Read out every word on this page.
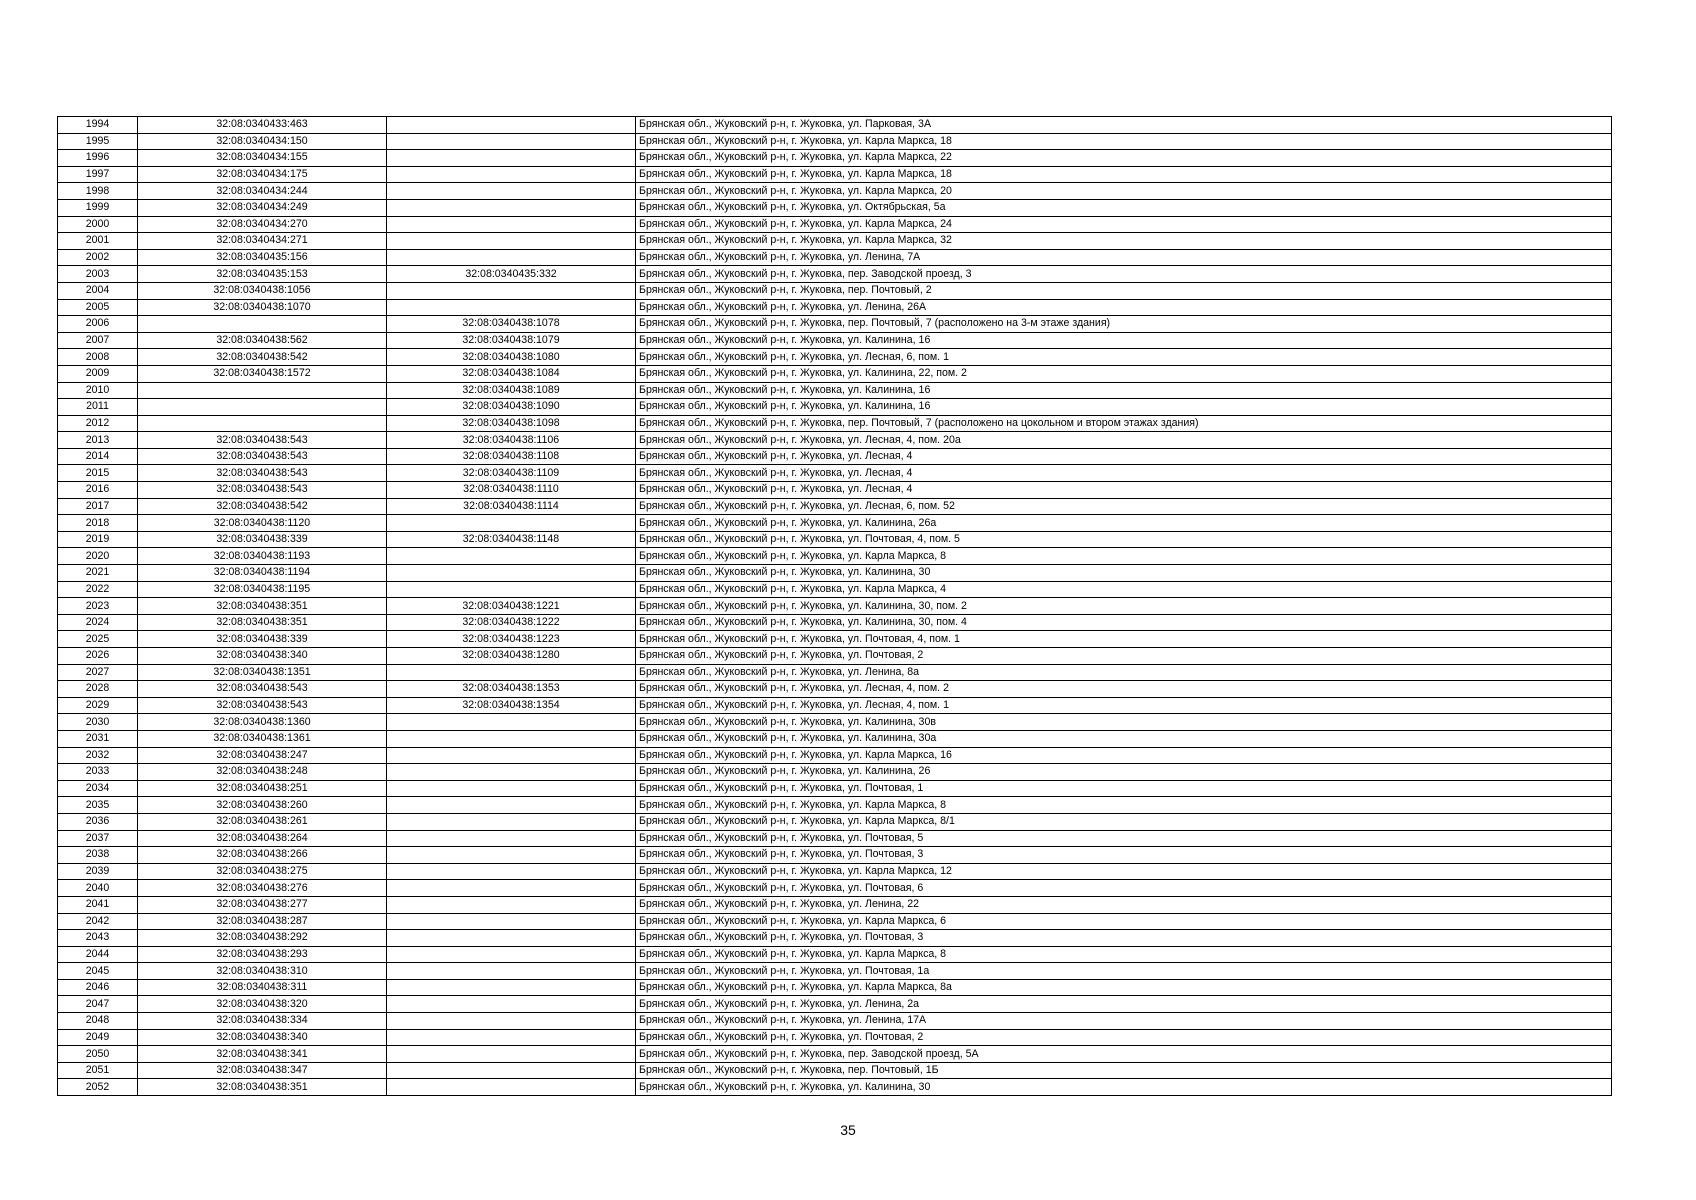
1994	32:08:0340433:463		Брянская обл., Жуковский р-н, г. Жуковка, ул. Парковая, 3А
1995	32:08:0340434:150		Брянская обл., Жуковский р-н, г. Жуковка, ул. Карла Маркса, 18
1996	32:08:0340434:155		Брянская обл., Жуковский р-н, г. Жуковка, ул. Карла Маркса, 22
1997	32:08:0340434:175		Брянская обл., Жуковский р-н, г. Жуковка, ул. Карла Маркса, 18
1998	32:08:0340434:244		Брянская обл., Жуковский р-н, г. Жуковка, ул. Карла Маркса, 20
1999	32:08:0340434:249		Брянская обл., Жуковский р-н, г. Жуковка, ул. Октябрьская, 5а
2000	32:08:0340434:270		Брянская обл., Жуковский р-н, г. Жуковка, ул. Карла Маркса, 24
2001	32:08:0340434:271		Брянская обл., Жуковский р-н, г. Жуковка, ул. Карла Маркса, 32
2002	32:08:0340435:156		Брянская обл., Жуковский р-н, г. Жуковка, ул. Ленина, 7А
2003	32:08:0340435:153	32:08:0340435:332	Брянская обл., Жуковский р-н, г. Жуковка, пер. Заводской проезд, 3
2004	32:08:0340438:1056		Брянская обл., Жуковский р-н, г. Жуковка, пер. Почтовый, 2
2005	32:08:0340438:1070		Брянская обл., Жуковский р-н, г. Жуковка, ул. Ленина, 26А
2006		32:08:0340438:1078	Брянская обл., Жуковский р-н, г. Жуковка, пер. Почтовый, 7 (расположено на 3-м этаже здания)
2007	32:08:0340438:562	32:08:0340438:1079	Брянская обл., Жуковский р-н, г. Жуковка, ул. Калинина, 16
2008	32:08:0340438:542	32:08:0340438:1080	Брянская обл., Жуковский р-н, г. Жуковка, ул. Лесная, 6, пом. 1
2009	32:08:0340438:1572	32:08:0340438:1084	Брянская обл., Жуковский р-н, г. Жуковка, ул. Калинина, 22, пом. 2
2010		32:08:0340438:1089	Брянская обл., Жуковский р-н, г. Жуковка, ул. Калинина, 16
2011		32:08:0340438:1090	Брянская обл., Жуковский р-н, г. Жуковка, ул. Калинина, 16
2012		32:08:0340438:1098	Брянская обл., Жуковский р-н, г. Жуковка, пер. Почтовый, 7 (расположено на цокольном и втором этажах здания)
2013	32:08:0340438:543	32:08:0340438:1106	Брянская обл., Жуковский р-н, г. Жуковка, ул. Лесная, 4, пом. 20а
2014	32:08:0340438:543	32:08:0340438:1108	Брянская обл., Жуковский р-н, г. Жуковка, ул. Лесная, 4
2015	32:08:0340438:543	32:08:0340438:1109	Брянская обл., Жуковский р-н, г. Жуковка, ул. Лесная, 4
2016	32:08:0340438:543	32:08:0340438:1110	Брянская обл., Жуковский р-н, г. Жуковка, ул. Лесная, 4
2017	32:08:0340438:542	32:08:0340438:1114	Брянская обл., Жуковский р-н, г. Жуковка, ул. Лесная, 6, пом. 52
2018	32:08:0340438:1120		Брянская обл., Жуковский р-н, г. Жуковка, ул. Калинина, 26а
2019	32:08:0340438:339	32:08:0340438:1148	Брянская обл., Жуковский р-н, г. Жуковка, ул. Почтовая, 4, пом. 5
2020	32:08:0340438:1193		Брянская обл., Жуковский р-н, г. Жуковка, ул. Карла Маркса, 8
2021	32:08:0340438:1194		Брянская обл., Жуковский р-н, г. Жуковка, ул. Калинина, 30
2022	32:08:0340438:1195		Брянская обл., Жуковский р-н, г. Жуковка, ул. Карла Маркса, 4
2023	32:08:0340438:351	32:08:0340438:1221	Брянская обл., Жуковский р-н, г. Жуковка, ул. Калинина, 30, пом. 2
2024	32:08:0340438:351	32:08:0340438:1222	Брянская обл., Жуковский р-н, г. Жуковка, ул. Калинина, 30, пом. 4
2025	32:08:0340438:339	32:08:0340438:1223	Брянская обл., Жуковский р-н, г. Жуковка, ул. Почтовая, 4, пом. 1
2026	32:08:0340438:340	32:08:0340438:1280	Брянская обл., Жуковский р-н, г. Жуковка, ул. Почтовая, 2
2027	32:08:0340438:1351		Брянская обл., Жуковский р-н, г. Жуковка, ул. Ленина, 8а
2028	32:08:0340438:543	32:08:0340438:1353	Брянская обл., Жуковский р-н, г. Жуковка, ул. Лесная, 4, пом. 2
2029	32:08:0340438:543	32:08:0340438:1354	Брянская обл., Жуковский р-н, г. Жуковка, ул. Лесная, 4, пом. 1
2030	32:08:0340438:1360		Брянская обл., Жуковский р-н, г. Жуковка, ул. Калинина, 30в
2031	32:08:0340438:1361		Брянская обл., Жуковский р-н, г. Жуковка, ул. Калинина, 30а
2032	32:08:0340438:247		Брянская обл., Жуковский р-н, г. Жуковка, ул. Карла Маркса, 16
2033	32:08:0340438:248		Брянская обл., Жуковский р-н, г. Жуковка, ул. Калинина, 26
2034	32:08:0340438:251		Брянская обл., Жуковский р-н, г. Жуковка, ул. Почтовая, 1
2035	32:08:0340438:260		Брянская обл., Жуковский р-н, г. Жуковка, ул. Карла Маркса, 8
2036	32:08:0340438:261		Брянская обл., Жуковский р-н, г. Жуковка, ул. Карла Маркса, 8/1
2037	32:08:0340438:264		Брянская обл., Жуковский р-н, г. Жуковка, ул. Почтовая, 5
2038	32:08:0340438:266		Брянская обл., Жуковский р-н, г. Жуковка, ул. Почтовая, 3
2039	32:08:0340438:275		Брянская обл., Жуковский р-н, г. Жуковка, ул. Карла Маркса, 12
2040	32:08:0340438:276		Брянская обл., Жуковский р-н, г. Жуковка, ул. Почтовая, 6
2041	32:08:0340438:277		Брянская обл., Жуковский р-н, г. Жуковка, ул. Ленина, 22
2042	32:08:0340438:287		Брянская обл., Жуковский р-н, г. Жуковка, ул. Карла Маркса, 6
2043	32:08:0340438:292		Брянская обл., Жуковский р-н, г. Жуковка, ул. Почтовая, 3
2044	32:08:0340438:293		Брянская обл., Жуковский р-н, г. Жуковка, ул. Карла Маркса, 8
2045	32:08:0340438:310		Брянская обл., Жуковский р-н, г. Жуковка, ул. Почтовая, 1а
2046	32:08:0340438:311		Брянская обл., Жуковский р-н, г. Жуковка, ул. Карла Маркса, 8а
2047	32:08:0340438:320		Брянская обл., Жуковский р-н, г. Жуковка, ул. Ленина, 2а
2048	32:08:0340438:334		Брянская обл., Жуковский р-н, г. Жуковка, ул. Ленина, 17А
2049	32:08:0340438:340		Брянская обл., Жуковский р-н, г. Жуковка, ул. Почтовая, 2
2050	32:08:0340438:341		Брянская обл., Жуковский р-н, г. Жуковка, пер. Заводской проезд, 5А
2051	32:08:0340438:347		Брянская обл., Жуковский р-н, г. Жуковка, пер. Почтовый, 1Б
2052	32:08:0340438:351		Брянская обл., Жуковский р-н, г. Жуковка, ул. Калинина, 30
35
